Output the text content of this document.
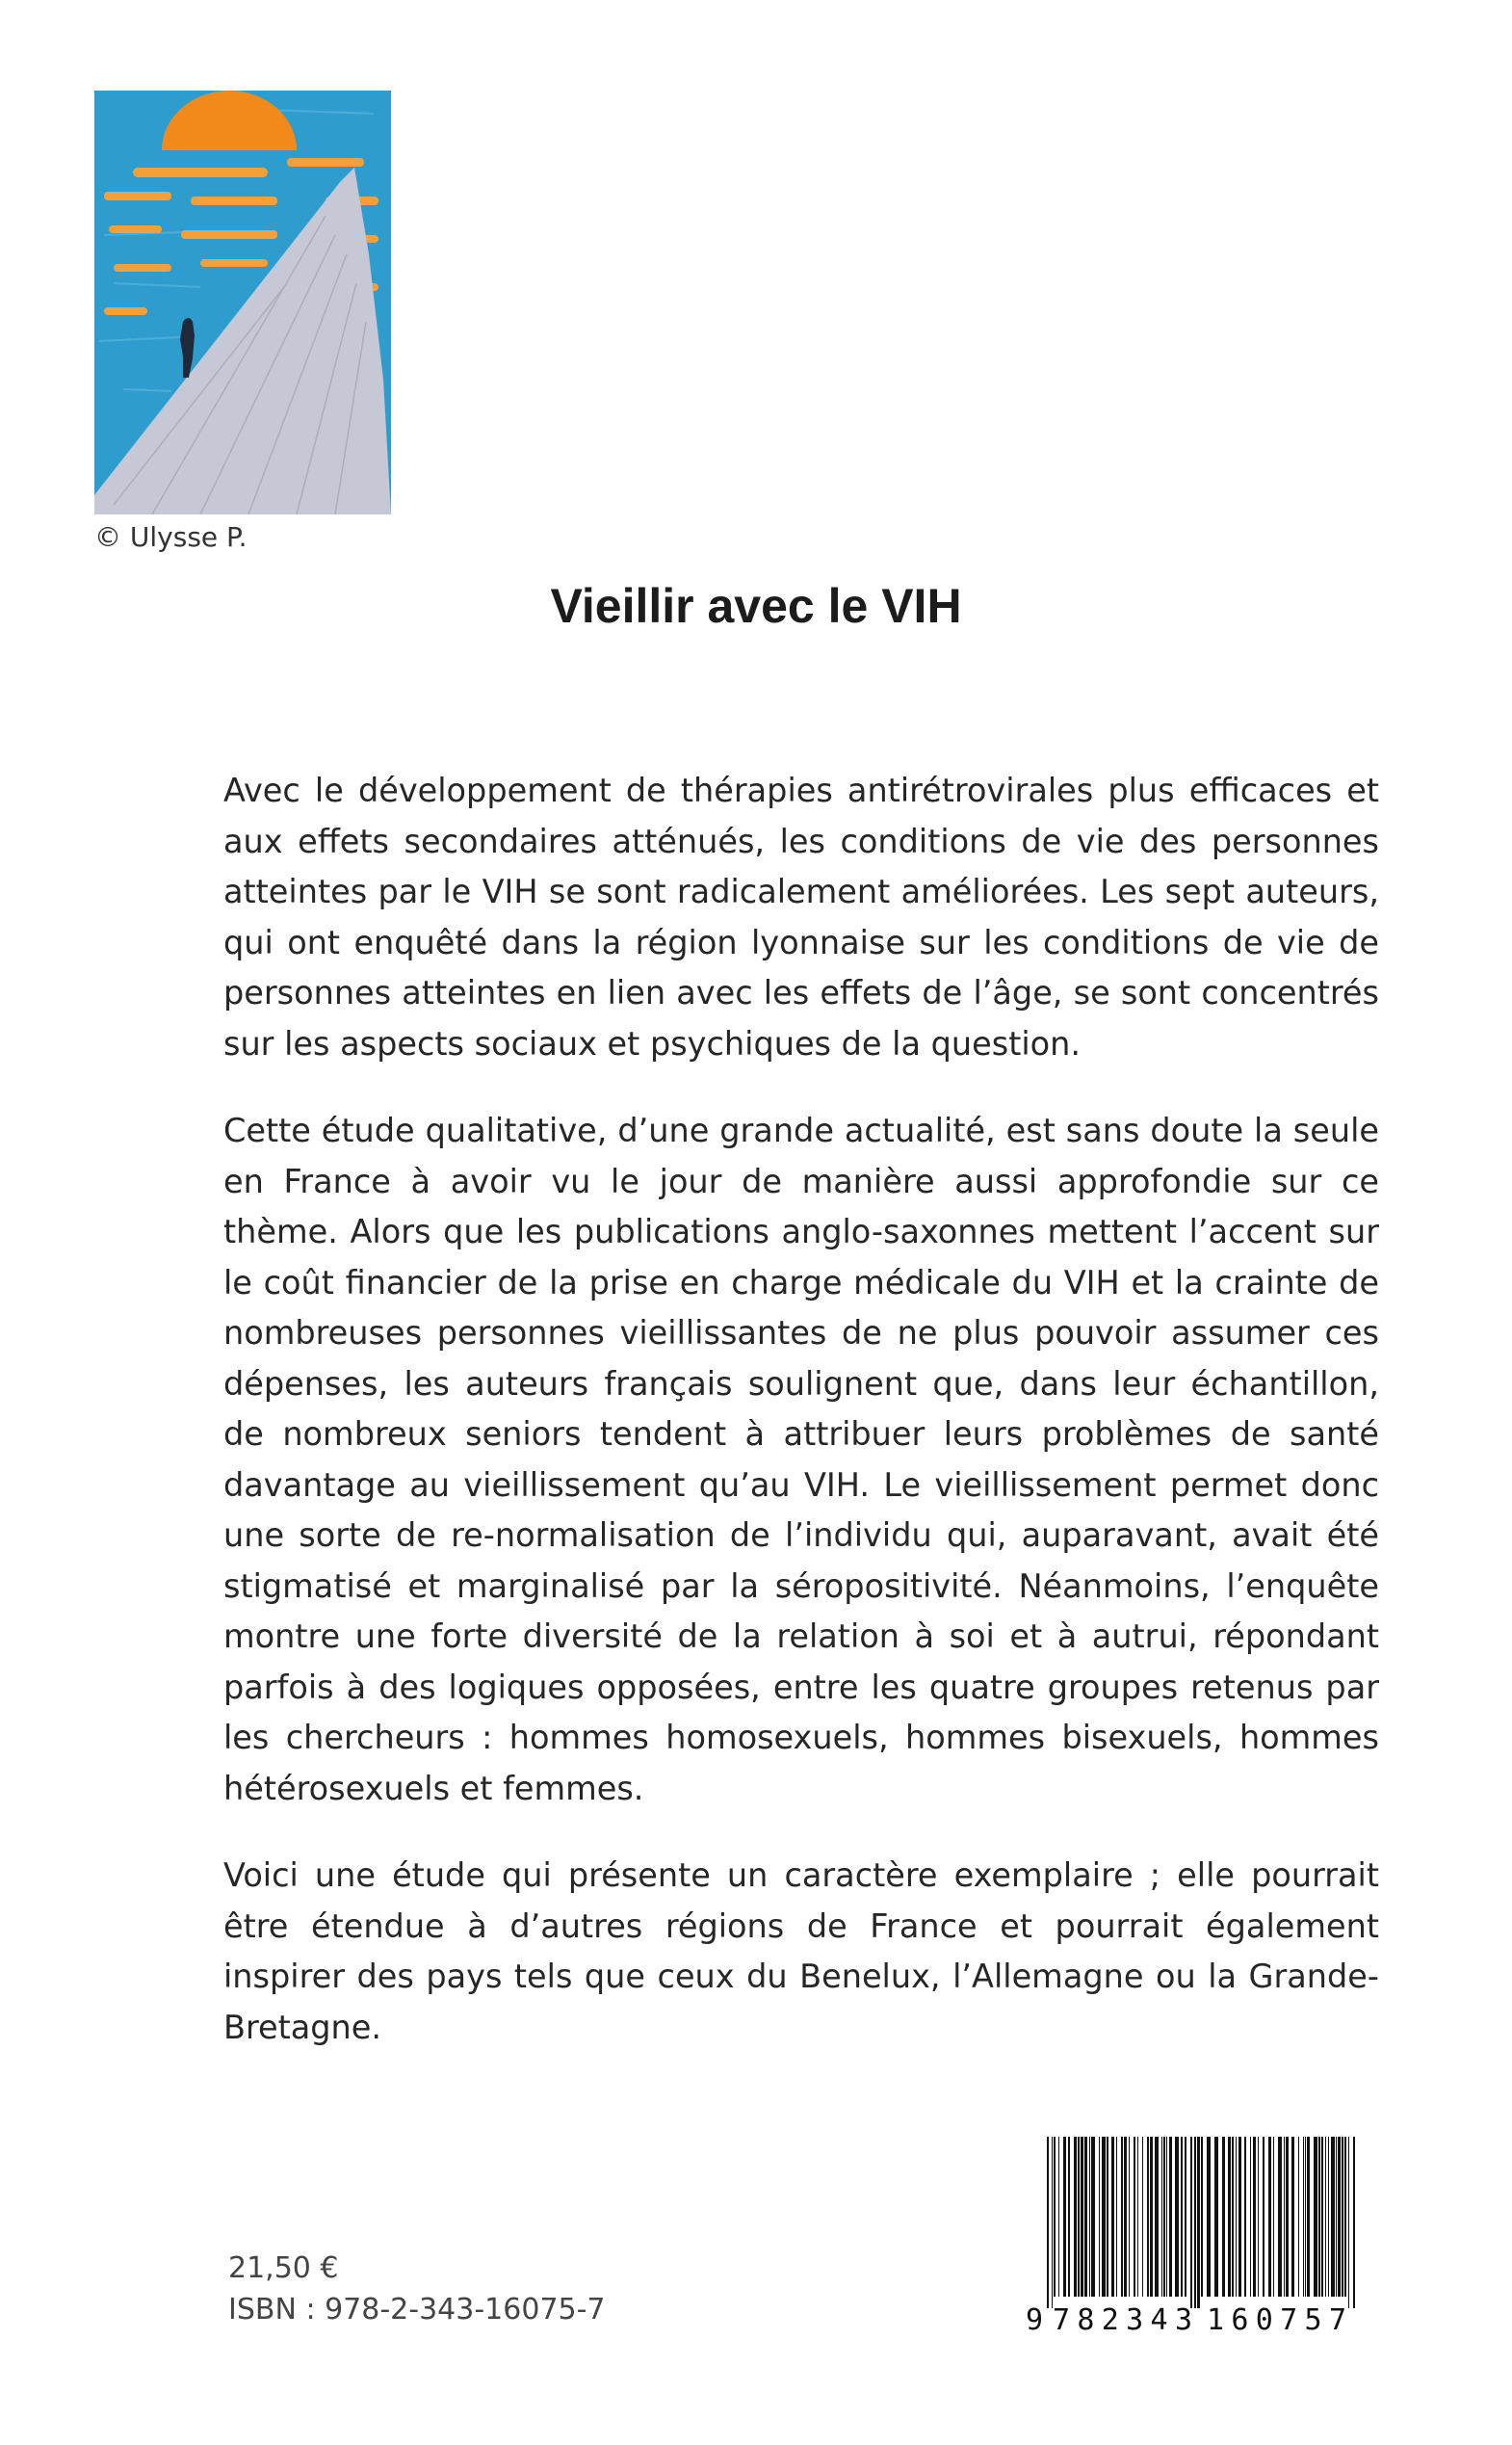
© Ulysse P.
Vieillir avec le VIH

Avec le développement de thérapies antirétrovirales plus efficaces et aux effets secondaires atténués, les conditions de vie des personnes atteintes par le VIH se sont radicalement améliorées. Les sept auteurs, qui ont enquêté dans la région lyonnaise sur les conditions de vie de personnes atteintes en lien avec les effets de l’âge, se sont concentrés sur les aspects sociaux et psychiques de la question.

Cette étude qualitative, d’une grande actualité, est sans doute la seule en France à avoir vu le jour de manière aussi approfondie sur ce thème. Alors que les publications anglo-saxonnes mettent l’accent sur le coût financier de la prise en charge médicale du VIH et la crainte de nombreuses personnes vieillissantes de ne plus pouvoir assumer ces dépenses, les auteurs français soulignent que, dans leur échantillon, de nombreux seniors tendent à attribuer leurs problèmes de santé davantage au vieillissement qu’au VIH. Le vieillissement permet donc une sorte de re-normalisation de l’individu qui, auparavant, avait été stigmatisé et marginalisé par la séropositivité. Néanmoins, l’enquête montre une forte diversité de la relation à soi et à autrui, répondant parfois à des logiques opposées, entre les quatre groupes retenus par les chercheurs : hommes homosexuels, hommes bisexuels, hommes hétérosexuels et femmes.

Voici une étude qui présente un caractère exemplaire ; elle pourrait être étendue à d’autres régions de France et pourrait également inspirer des pays tels que ceux du Benelux, l’Allemagne ou la Grande-Bretagne.

21,50 €
ISBN : 978-2-343-16075-7	9 782343 160757
